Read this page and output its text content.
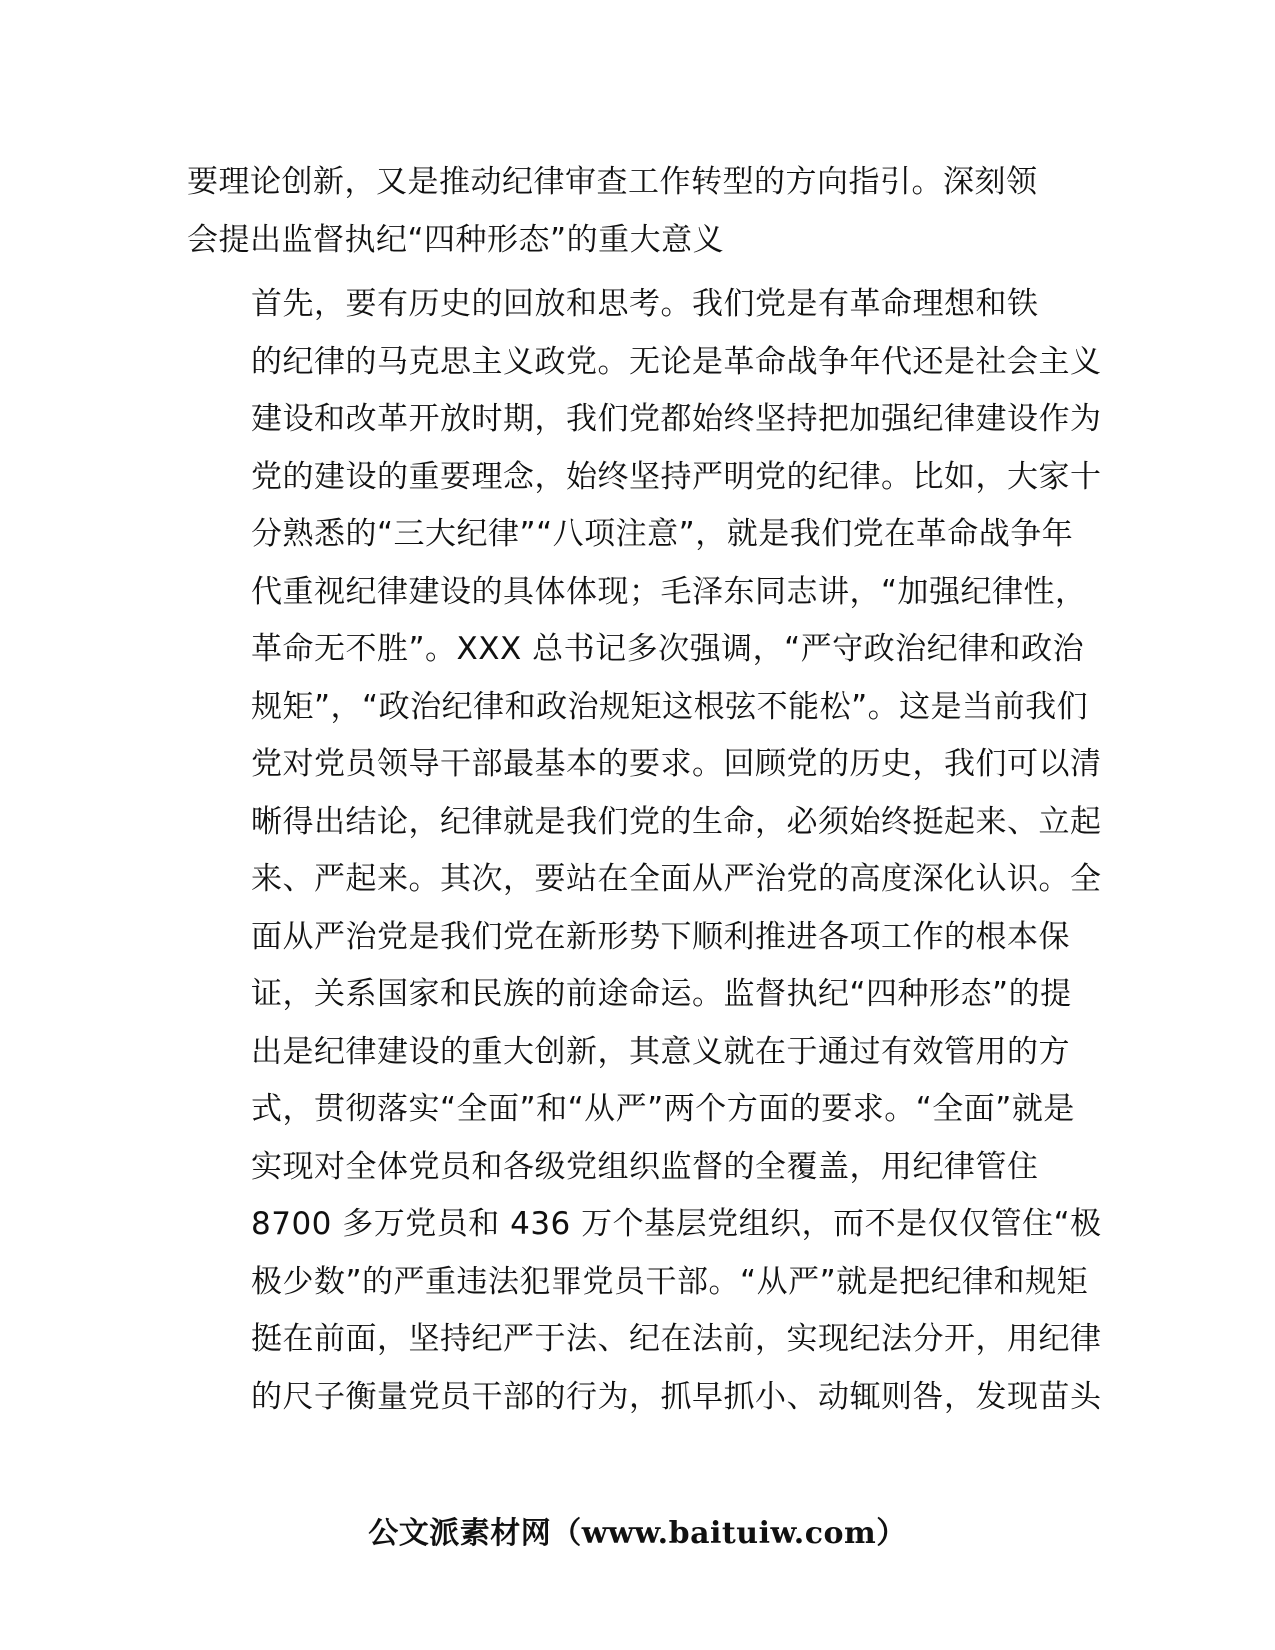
要理论创新，又是推动纪律审查工作转型的方向指引。深刻领
会提出监督执纪“四种形态”的重大意义

首先，要有历史的回放和思考。我们党是有革命理想和铁
的纪律的马克思主义政党。无论是革命战争年代还是社会主义
建设和改革开放时期，我们党都始终坚持把加强纪律建设作为
党的建设的重要理念，始终坚持严明党的纪律。比如，大家十
分熟悉的“三大纪律”“八项注意”，就是我们党在革命战争年
代重视纪律建设的具体体现；毛泽东同志讲，“加强纪律性，
革命无不胜”。XXX 总书记多次强调，“严守政治纪律和政治
规矩”，“政治纪律和政治规矩这根弦不能松”。这是当前我们
党对党员领导干部最基本的要求。回顾党的历史，我们可以清
晰得出结论，纪律就是我们党的生命，必须始终挺起来、立起
来、严起来。其次，要站在全面从严治党的高度深化认识。全
面从严治党是我们党在新形势下顺利推进各项工作的根本保
证，关系国家和民族的前途命运。监督执纪“四种形态”的提
出是纪律建设的重大创新，其意义就在于通过有效管用的方
式，贯彻落实“全面”和“从严”两个方面的要求。“全面”就是
实现对全体党员和各级党组织监督的全覆盖，用纪律管住
8700 多万党员和 436 万个基层党组织，而不是仅仅管住“极
极少数”的严重违法犯罪党员干部。“从严”就是把纪律和规矩
挺在前面，坚持纪严于法、纪在法前，实现纪法分开，用纪律
的尺子衡量党员干部的行为，抓早抓小、动辄则咎，发现苗头

公文派素材网（www.baituiw.com）
